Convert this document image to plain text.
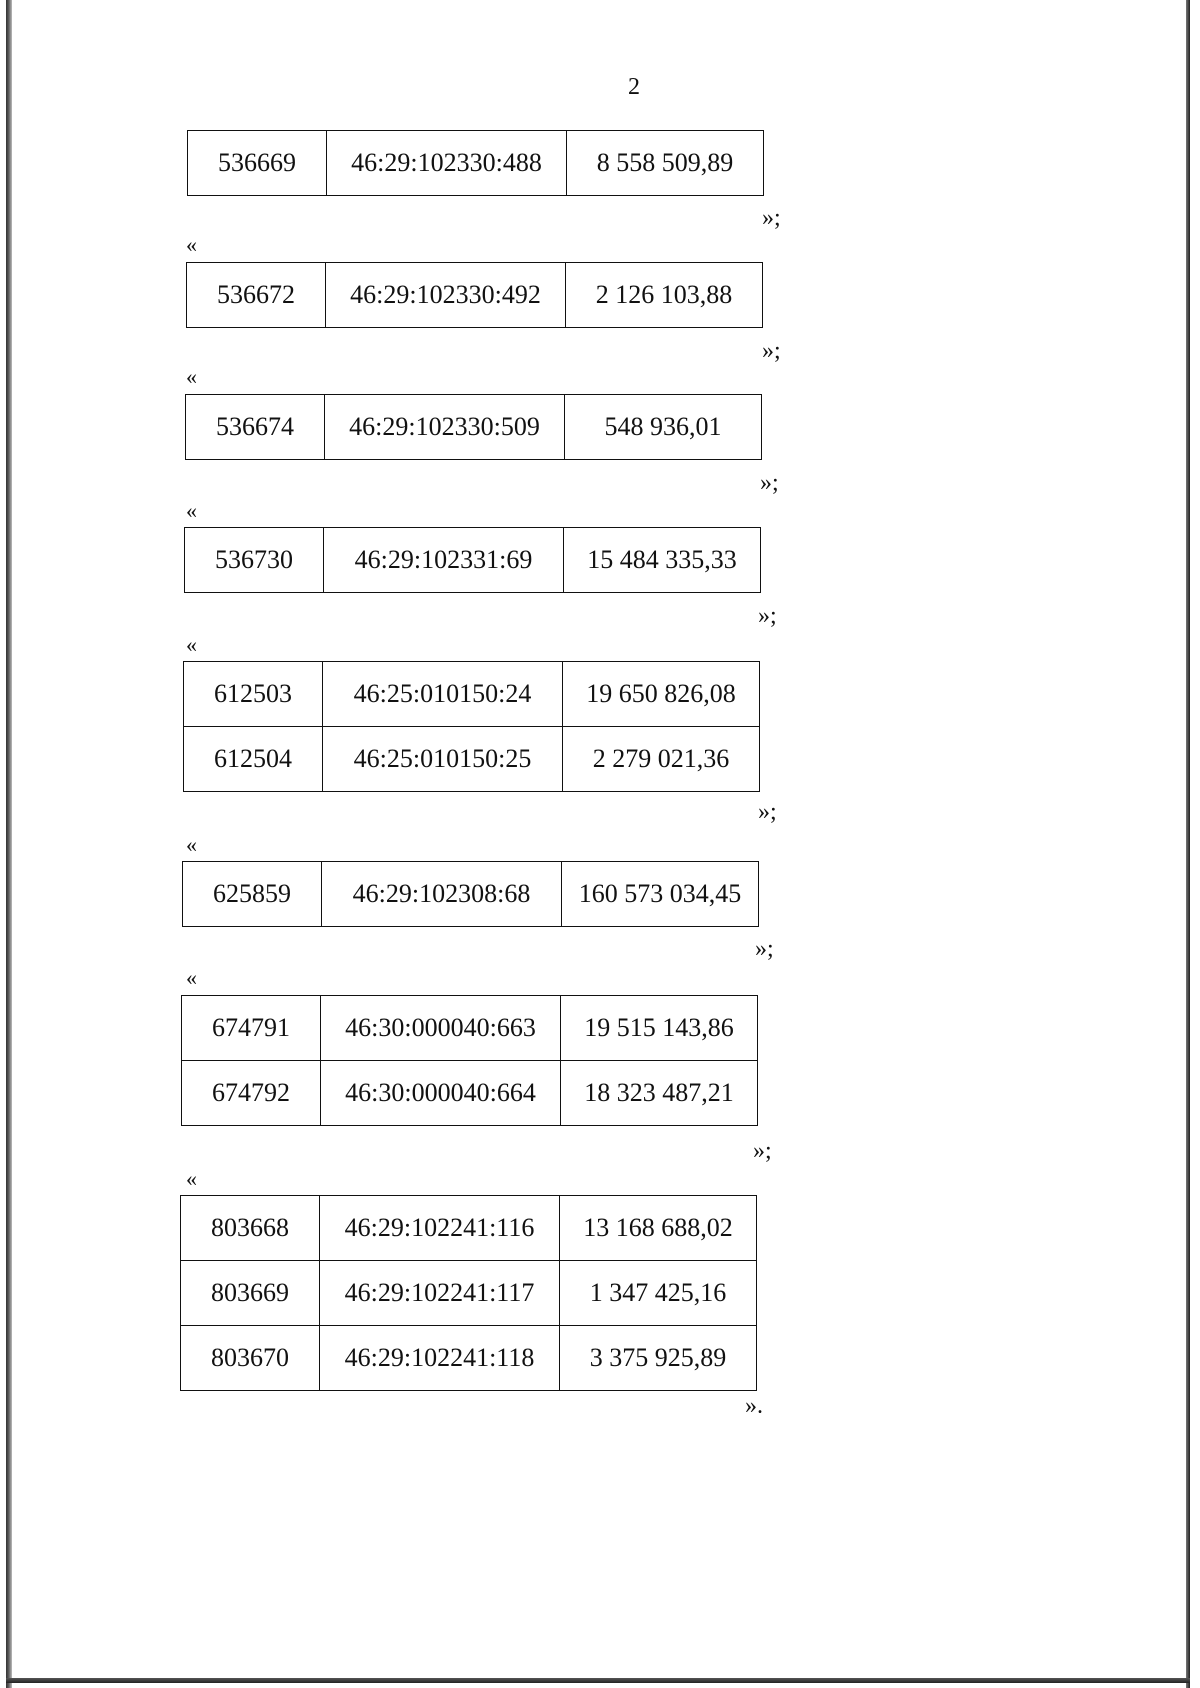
2
536669	46:29:102330:488	8 558 509,89
»;
«
536672	46:29:102330:492	2 126 103,88
»;
«
536674	46:29:102330:509	548 936,01
»;
«
536730	46:29:102331:69	15 484 335,33
»;
«
612503	46:25:010150:24	19 650 826,08
612504	46:25:010150:25	2 279 021,36
»;
«
625859	46:29:102308:68	160 573 034,45
»;
«
674791	46:30:000040:663	19 515 143,86
674792	46:30:000040:664	18 323 487,21
»;
«
803668	46:29:102241:116	13 168 688,02
803669	46:29:102241:117	1 347 425,16
803670	46:29:102241:118	3 375 925,89
».
